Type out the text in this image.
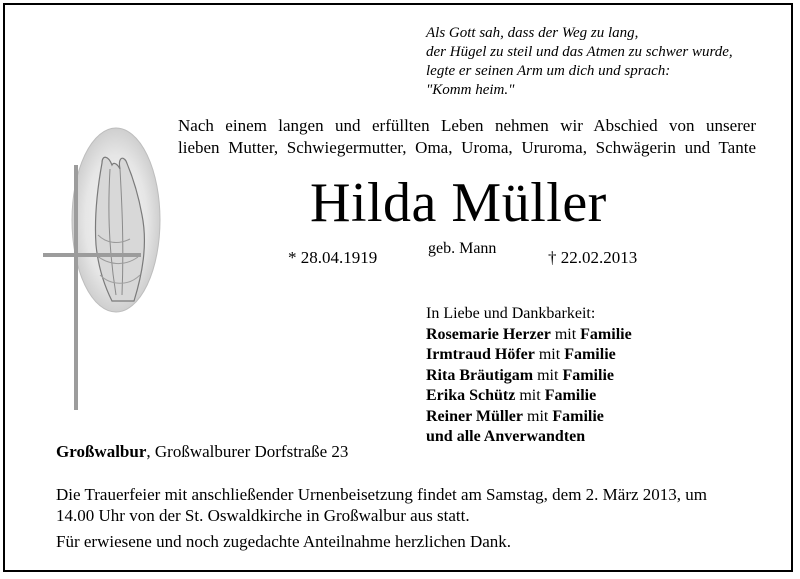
Als Gott sah, dass der Weg zu lang,
der Hügel zu steil und das Atmen zu schwer wurde,
legte er seinen Arm um dich und sprach:
"Komm heim."
Nach einem langen und erfüllten Leben nehmen wir Abschied von unserer
lieben Mutter, Schwiegermutter, Oma, Uroma, Ururoma, Schwägerin und Tante
Hilda Müller
* 28.04.1919	geb. Mann	† 22.02.2013
In Liebe und Dankbarkeit:
Rosemarie Herzer mit Familie
Irmtraud Höfer mit Familie
Rita Bräutigam mit Familie
Erika Schütz mit Familie
Reiner Müller mit Familie
und alle Anverwandten
Großwalbur, Großwalburer Dorfstraße 23
Die Trauerfeier mit anschließender Urnenbeisetzung findet am Samstag, dem 2. März 2013, um
14.00 Uhr von der St. Oswaldkirche in Großwalbur aus statt.
Für erwiesene und noch zugedachte Anteilnahme herzlichen Dank.
